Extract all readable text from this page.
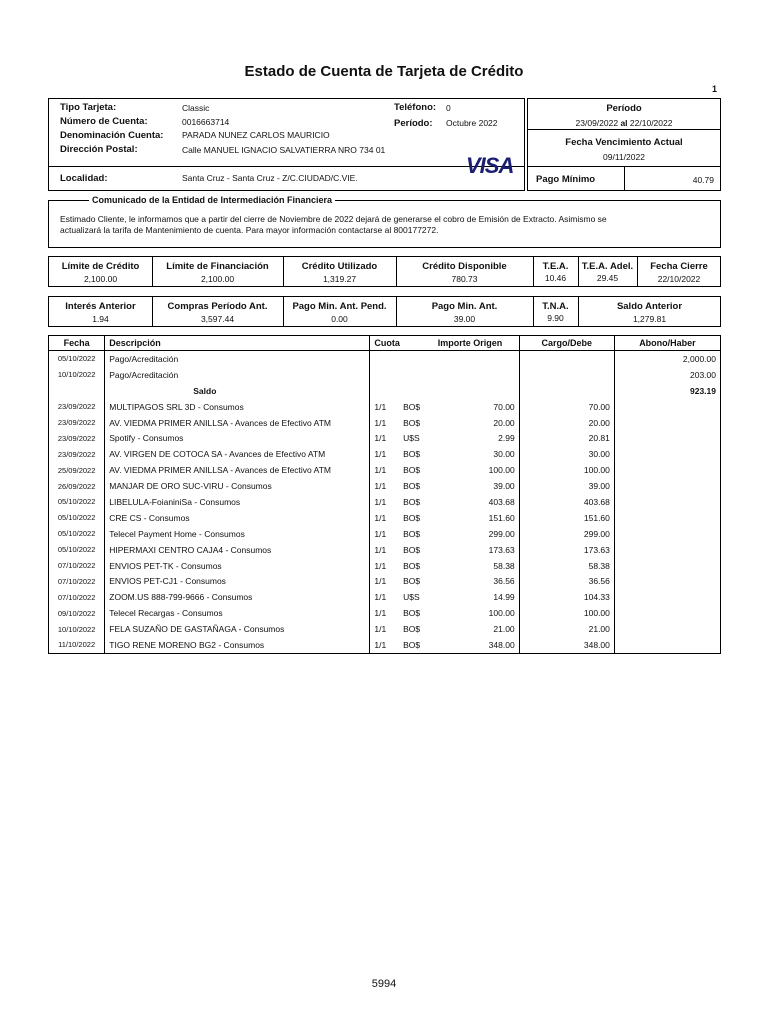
Estado de Cuenta de Tarjeta de Crédito
1
Tipo Tarjeta:	Classic
Número de Cuenta:	0016663714
Denominación Cuenta: PARADA NUNEZ CARLOS MAURICIO
Dirección Postal:	Calle MANUEL IGNACIO SALVATIERRA NRO 734 01
Localidad:	Santa Cruz - Santa Cruz - Z/C.CIUDAD/C.VIE.
Teléfono: 0
Período: Octubre 2022
VISA
Período
23/09/2022 al 22/10/2022
Fecha Vencimiento Actual
09/11/2022
Pago Mínimo	40.79
Comunicado de la Entidad de Intermediación Financiera
Estimado Cliente, le informamos que a partir del cierre de Noviembre de 2022 dejará de generarse el cobro de Emisión de Extracto. Asimismo se
actualizará la tarifa de Mantenimiento de cuenta. Para mayor información contactarse al 800177272.
Límite de Crédito
2,100.00
Límite de Financiación
2,100.00
Crédito Utilizado
1,319.27
Crédito Disponible
780.73
T.E.A.
10.46
T.E.A. Adel.
29.45
Fecha Cierre
22/10/2022
Interés Anterior
1.94
Compras Período Ant.
3,597.44
Pago Min. Ant. Pend.
0.00
Pago Min. Ant.
39.00
T.N.A.
9.90
Saldo Anterior
1,279.81
Fecha	Descripción	Cuota		Importe Origen	Cargo/Debe	Abono/Haber
05/10/2022	Pago/Acreditación					2,000.00
10/10/2022	Pago/Acreditación					203.00
	Saldo					923.19
23/09/2022	MULTIPAGOS SRL 3D - Consumos	1/1	BO$	70.00	70.00	
23/09/2022	AV. VIEDMA PRIMER ANILLSA - Avances de Efectivo ATM	1/1	BO$	20.00	20.00	
23/09/2022	Spotify - Consumos	1/1	U$S	2.99	20.81	
23/09/2022	AV. VIRGEN DE COTOCA SA - Avances de Efectivo ATM	1/1	BO$	30.00	30.00	
25/09/2022	AV. VIEDMA PRIMER ANILLSA - Avances de Efectivo ATM	1/1	BO$	100.00	100.00	
26/09/2022	MANJAR DE ORO SUC-VIRU - Consumos	1/1	BO$	39.00	39.00	
05/10/2022	LIBELULA-FoianiniSa - Consumos	1/1	BO$	403.68	403.68	
05/10/2022	CRE CS - Consumos	1/1	BO$	151.60	151.60	
05/10/2022	Telecel Payment Home - Consumos	1/1	BO$	299.00	299.00	
05/10/2022	HIPERMAXI CENTRO CAJA4 - Consumos	1/1	BO$	173.63	173.63	
07/10/2022	ENVIOS PET-TK - Consumos	1/1	BO$	58.38	58.38	
07/10/2022	ENVIOS PET-CJ1 - Consumos	1/1	BO$	36.56	36.56	
07/10/2022	ZOOM.US 888-799-9666 - Consumos	1/1	U$S	14.99	104.33	
09/10/2022	Telecel Recargas - Consumos	1/1	BO$	100.00	100.00	
10/10/2022	FELA SUZAÑO DE GASTAÑAGA - Consumos	1/1	BO$	21.00	21.00	
11/10/2022	TIGO RENE MORENO BG2 - Consumos	1/1	BO$	348.00	348.00	
5994
